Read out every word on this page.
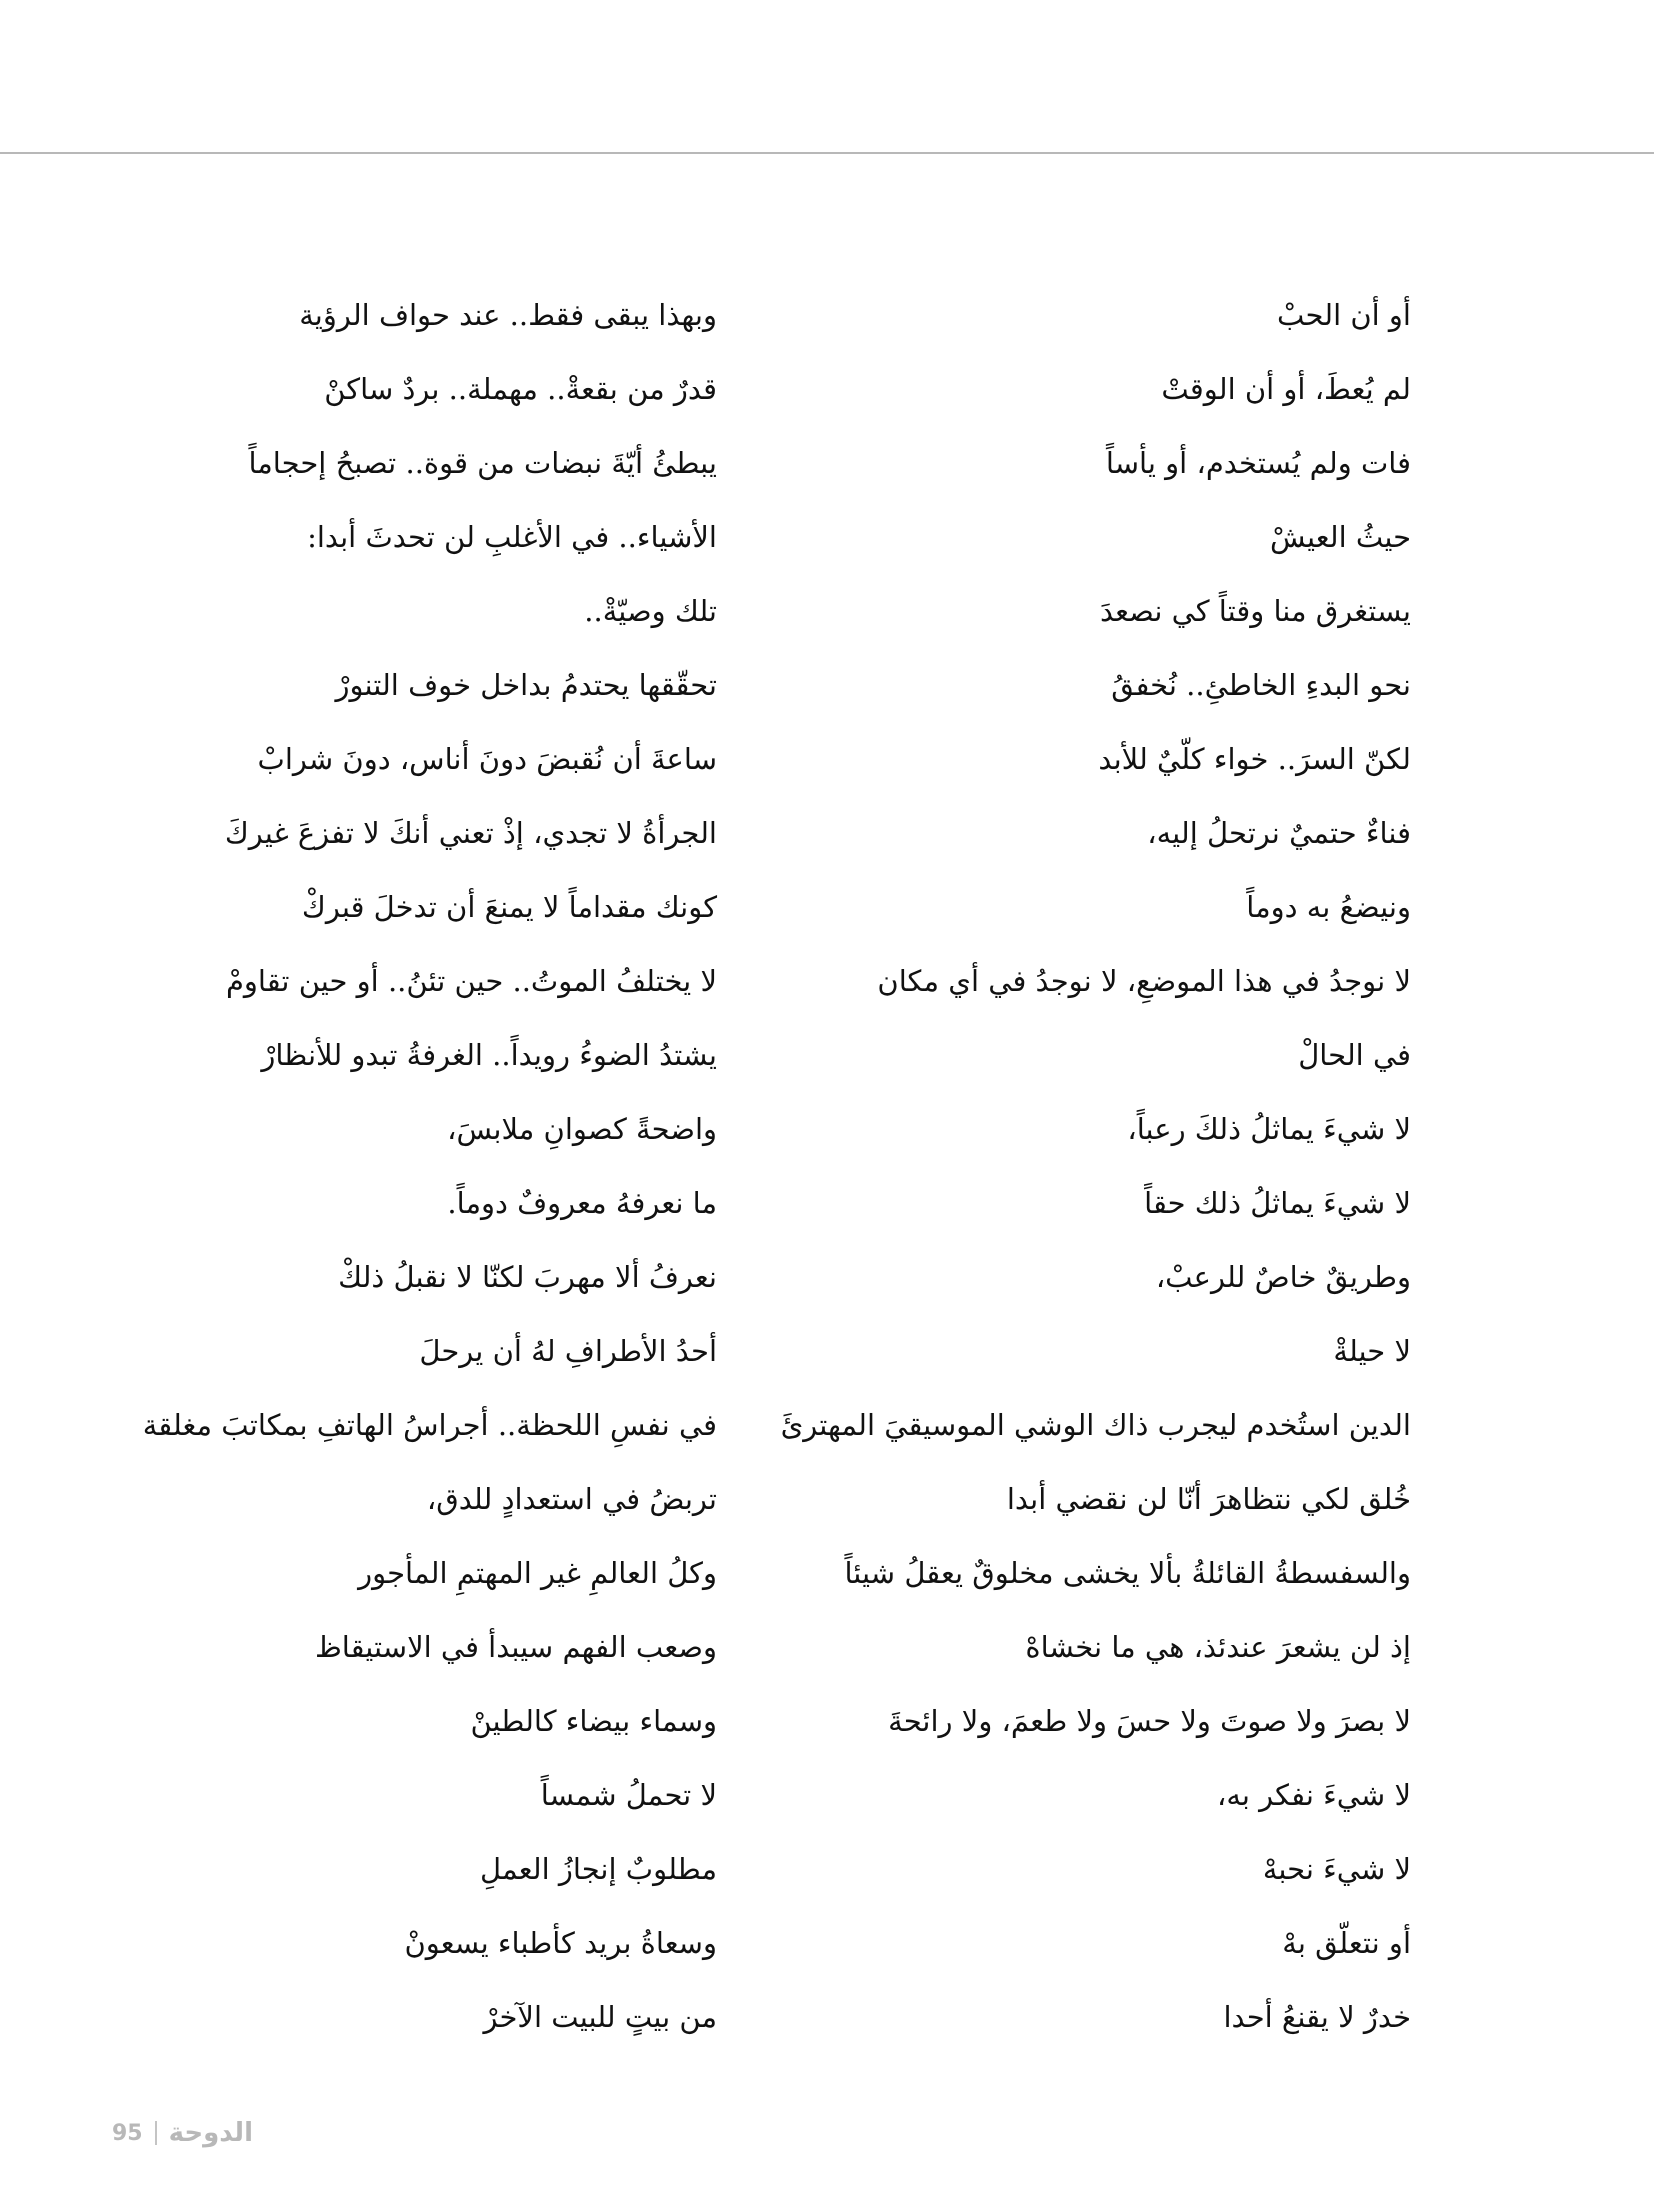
أو أن الحبْ
لم يُعطَ، أو أن الوقتْ
فات ولم يُستخدم، أو يأساً
حيثُ العيشْ
يستغرق منا وقتاً كي نصعدَ
نحو البدءِ الخاطئِ.. نُخفقُ
لكنّ السرَ.. خواء كلّيٌ للأبد
فناءٌ حتميٌ نرتحلُ إليه،
ونيضعُ به دوماً
لا نوجدُ في هذا الموضعِ، لا نوجدُ في أي مكان
في الحالْ
لا شيءَ يماثلُ ذلكَ رعباً،
لا شيءَ يماثلُ ذلك حقاً
وطريقٌ خاصٌ للرعبْ،
لا حيلةْ
الدين استُخدم ليجرب ذاك الوشي الموسيقيَ المهترئَ
خُلق لكي نتظاهرَ أنّا لن نقضي أبدا
والسفسطةُ القائلةُ بألا يخشى مخلوقٌ يعقلُ شيئاً
إذ لن يشعرَ عندئذ، هي ما نخشاهْ
لا بصرَ ولا صوتَ ولا حسَ ولا طعمَ، ولا رائحةَ
لا شيءَ نفكر به،
لا شيءَ نحبهْ
أو نتعلّق بهْ
خدرٌ لا يقنعُ أحدا
وبهذا يبقى فقط.. عند حواف الرؤية
قدرٌ من بقعةْ.. مهملة.. بردٌ ساكنْ
يبطئُ أيّةَ نبضات من قوة.. تصبحُ إحجاماً
الأشياء.. في الأغلبِ لن تحدثَ أبدا:
تلك وصيّةْ..
تحقّقها يحتدمُ بداخل خوف التنورْ
ساعةَ أن نُقبضَ دونَ أناس، دونَ شرابْ
الجرأةُ لا تجدي، إذْ تعني أنكَ لا تفزعَ غيركَ
كونك مقداماً لا يمنعَ أن تدخلَ قبركْ
لا يختلفُ الموتُ.. حين تئنُ.. أو حين تقاومْ
يشتدُ الضوءُ رويداً.. الغرفةُ تبدو للأنظارْ
واضحةً كصوانِ ملابسَ،
ما نعرفهُ معروفٌ دوماً.
نعرفُ ألا مهربَ لكنّا لا نقبلُ ذلكْ
أحدُ الأطرافِ لهُ أن يرحلَ
في نفسِ اللحظة.. أجراسُ الهاتفِ بمكاتبَ مغلقة
تربضُ في استعدادٍ للدق،
وكلُ العالمِ غير المهتمِ المأجور
وصعب الفهم سيبدأ في الاستيقاظ
وسماء بيضاء كالطينْ
لا تحملُ شمساً
مطلوبٌ إنجازُ العملِ
وسعاةُ بريد كأطباء يسعونْ
من بيتٍ للبيت الآخرْ
95 الدوحة
